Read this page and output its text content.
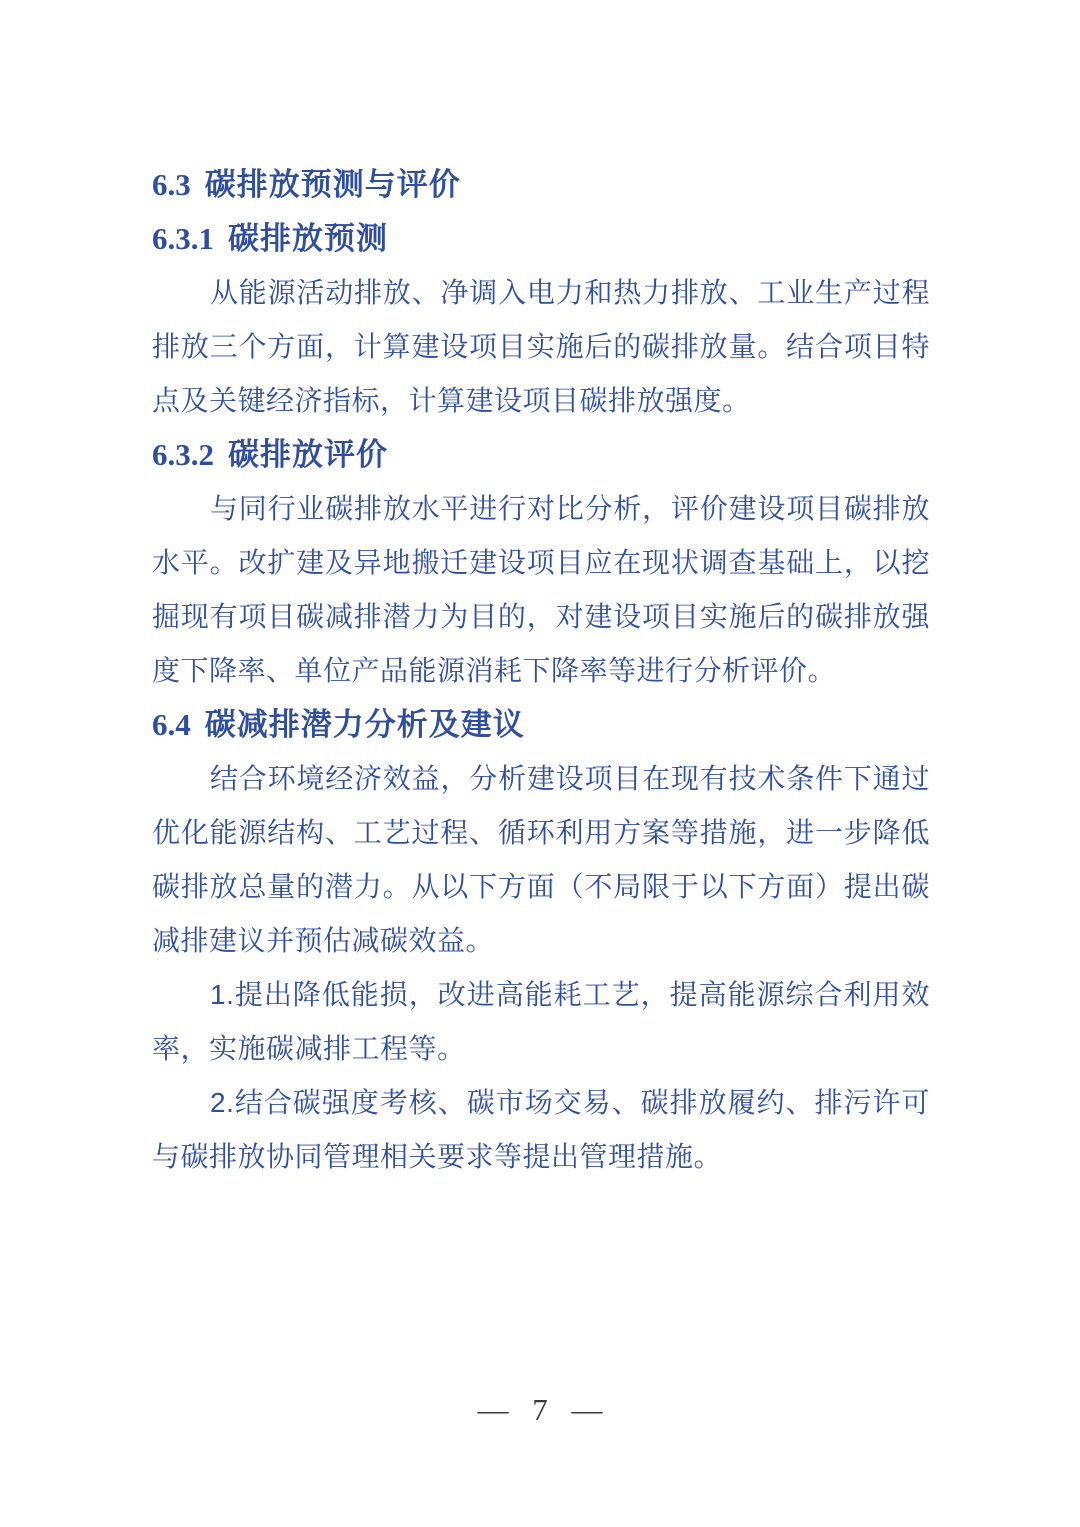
6.3 碳排放预测与评价
6.3.1 碳排放预测
从能源活动排放、净调入电力和热力排放、工业生产过程
排放三个方面，计算建设项目实施后的碳排放量。结合项目特
点及关键经济指标，计算建设项目碳排放强度。
6.3.2 碳排放评价
与同行业碳排放水平进行对比分析，评价建设项目碳排放
水平。改扩建及异地搬迁建设项目应在现状调查基础上，以挖
掘现有项目碳减排潜力为目的，对建设项目实施后的碳排放强
度下降率、单位产品能源消耗下降率等进行分析评价。
6.4 碳减排潜力分析及建议
结合环境经济效益，分析建设项目在现有技术条件下通过
优化能源结构、工艺过程、循环利用方案等措施，进一步降低
碳排放总量的潜力。从以下方面（不局限于以下方面）提出碳
减排建议并预估减碳效益。
1.提出降低能损，改进高能耗工艺，提高能源综合利用效
率，实施碳减排工程等。
2.结合碳强度考核、碳市场交易、碳排放履约、排污许可
与碳排放协同管理相关要求等提出管理措施。
— 7 —
